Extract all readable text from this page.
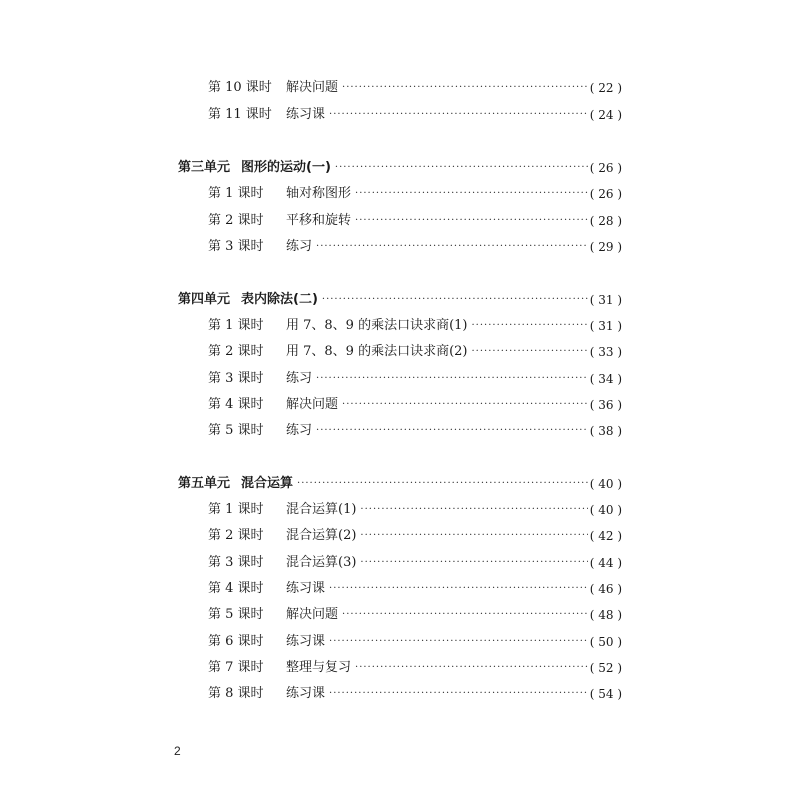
第 10 课时	解决问题 ·····	( 22 )
第 11 课时	练习课 ·····	( 24 )
第三单元 图形的运动(一) ·····	( 26 )
第 1 课时	轴对称图形 ·····	( 26 )
第 2 课时	平移和旋转 ·····	( 28 )
第 3 课时	练习 ·····	( 29 )
第四单元 表内除法(二) ·····	( 31 )
第 1 课时	用 7、8、9 的乘法口诀求商(1) ·····	( 31 )
第 2 课时	用 7、8、9 的乘法口诀求商(2) ·····	( 33 )
第 3 课时	练习 ·····	( 34 )
第 4 课时	解决问题 ·····	( 36 )
第 5 课时	练习 ·····	( 38 )
第五单元 混合运算 ·····	( 40 )
第 1 课时	混合运算(1) ·····	( 40 )
第 2 课时	混合运算(2) ·····	( 42 )
第 3 课时	混合运算(3) ·····	( 44 )
第 4 课时	练习课 ·····	( 46 )
第 5 课时	解决问题 ·····	( 48 )
第 6 课时	练习课 ·····	( 50 )
第 7 课时	整理与复习 ·····	( 52 )
第 8 课时	练习课 ·····	( 54 )
2
